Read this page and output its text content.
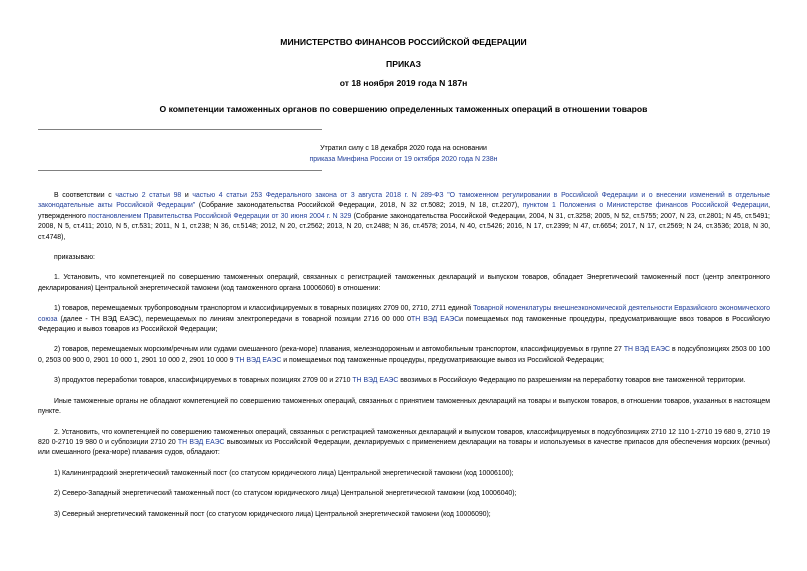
МИНИСТЕРСТВО ФИНАНСОВ РОССИЙСКОЙ ФЕДЕРАЦИИ
ПРИКАЗ
от 18 ноября 2019 года N 187н
О компетенции таможенных органов по совершению определенных таможенных операций в отношении товаров
Утратил силу с 18 декабря 2020 года на основании
приказа Минфина России от 19 октября 2020 года N 238н

В соответствии с частью 2 статьи 98 и частью 4 статьи 253 Федерального закона от 3 августа 2018 г. N 289-ФЗ "О таможенном регулировании в Российской Федерации и о внесении изменений в отдельные законодательные акты Российской Федерации" (Собрание законодательства Российской Федерации, 2018, N 32 ст.5082; 2019, N 18, ст.2207), пунктом 1 Положения о Министерстве финансов Российской Федерации, утвержденного постановлением Правительства Российской Федерации от 30 июня 2004 г. N 329 (Собрание законодательства Российской Федерации, 2004, N 31, ст.3258; 2005, N 52, ст.5755; 2007, N 23, ст.2801; N 45, ст.5491; 2008, N 5, ст.411; 2010, N 5, ст.531; 2011, N 1, ст.238; N 36, ст.5148; 2012, N 20, ст.2562; 2013, N 20, ст.2488; N 36, ст.4578; 2014, N 40, ст.5426; 2016, N 17, ст.2399; N 47, ст.6654; 2017, N 17, ст.2569; N 24, ст.3536; 2018, N 30, ст.4748),

приказываю:

1. Установить, что компетенцией по совершению таможенных операций, связанных с регистрацией таможенных деклараций и выпуском товаров, обладает Энергетический таможенный пост (центр электронного декларирования) Центральной энергетической таможни (код таможенного органа 10006060) в отношении:

1) товаров, перемещаемых трубопроводным транспортом и классифицируемых в товарных позициях 2709 00, 2710, 2711 единой Товарной номенклатуры внешнеэкономической деятельности Евразийского экономического союза (далее - ТН ВЭД ЕАЭС), перемещаемых по линиям электропередачи в товарной позиции 2716 00 000 0ТН ВЭД ЕАЭСи помещаемых под таможенные процедуры, предусматривающие ввоз товаров в Российскую Федерацию и вывоз товаров из Российской Федерации;

2) товаров, перемещаемых морским/речным или судами смешанного (река-море) плавания, железнодорожным и автомобильным транспортом, классифицируемых в группе 27 ТН ВЭД ЕАЭС в подсубпозициях 2503 00 100 0, 2503 00 900 0, 2901 10 000 1, 2901 10 000 2, 2901 10 000 9 ТН ВЭД ЕАЭС и помещаемых под таможенные процедуры, предусматривающие вывоз из Российской Федерации;

3) продуктов переработки товаров, классифицируемых в товарных позициях 2709 00 и 2710 ТН ВЭД ЕАЭС ввозимых в Российскую Федерацию по разрешениям на переработку товаров вне таможенной территории.

Иные таможенные органы не обладают компетенцией по совершению таможенных операций, связанных с принятием таможенных деклараций на товары и выпуском товаров, в отношении товаров, указанных в настоящем пункте.

2. Установить, что компетенцией по совершению таможенных операций, связанных с регистрацией таможенных деклараций и выпуском товаров, классифицируемых в подсубпозициях 2710 12 110 1-2710 19 680 9, 2710 19 820 0-2710 19 980 0 и субпозиции 2710 20 ТН ВЭД ЕАЭС вывозимых из Российской Федерации, декларируемых с применением декларации на товары и используемых в качестве припасов для обеспечения морских (речных) или смешанного (река-море) плавания судов, обладают:

1) Калининградский энергетический таможенный пост (со статусом юридического лица) Центральной энергетической таможни (код 10006100);

2) Северо-Западный энергетический таможенный пост (со статусом юридического лица) Центральной энергетической таможни (код 10006040);

3) Северный энергетический таможенный пост (со статусом юридического лица) Центральной энергетической таможни (код 10006090);
